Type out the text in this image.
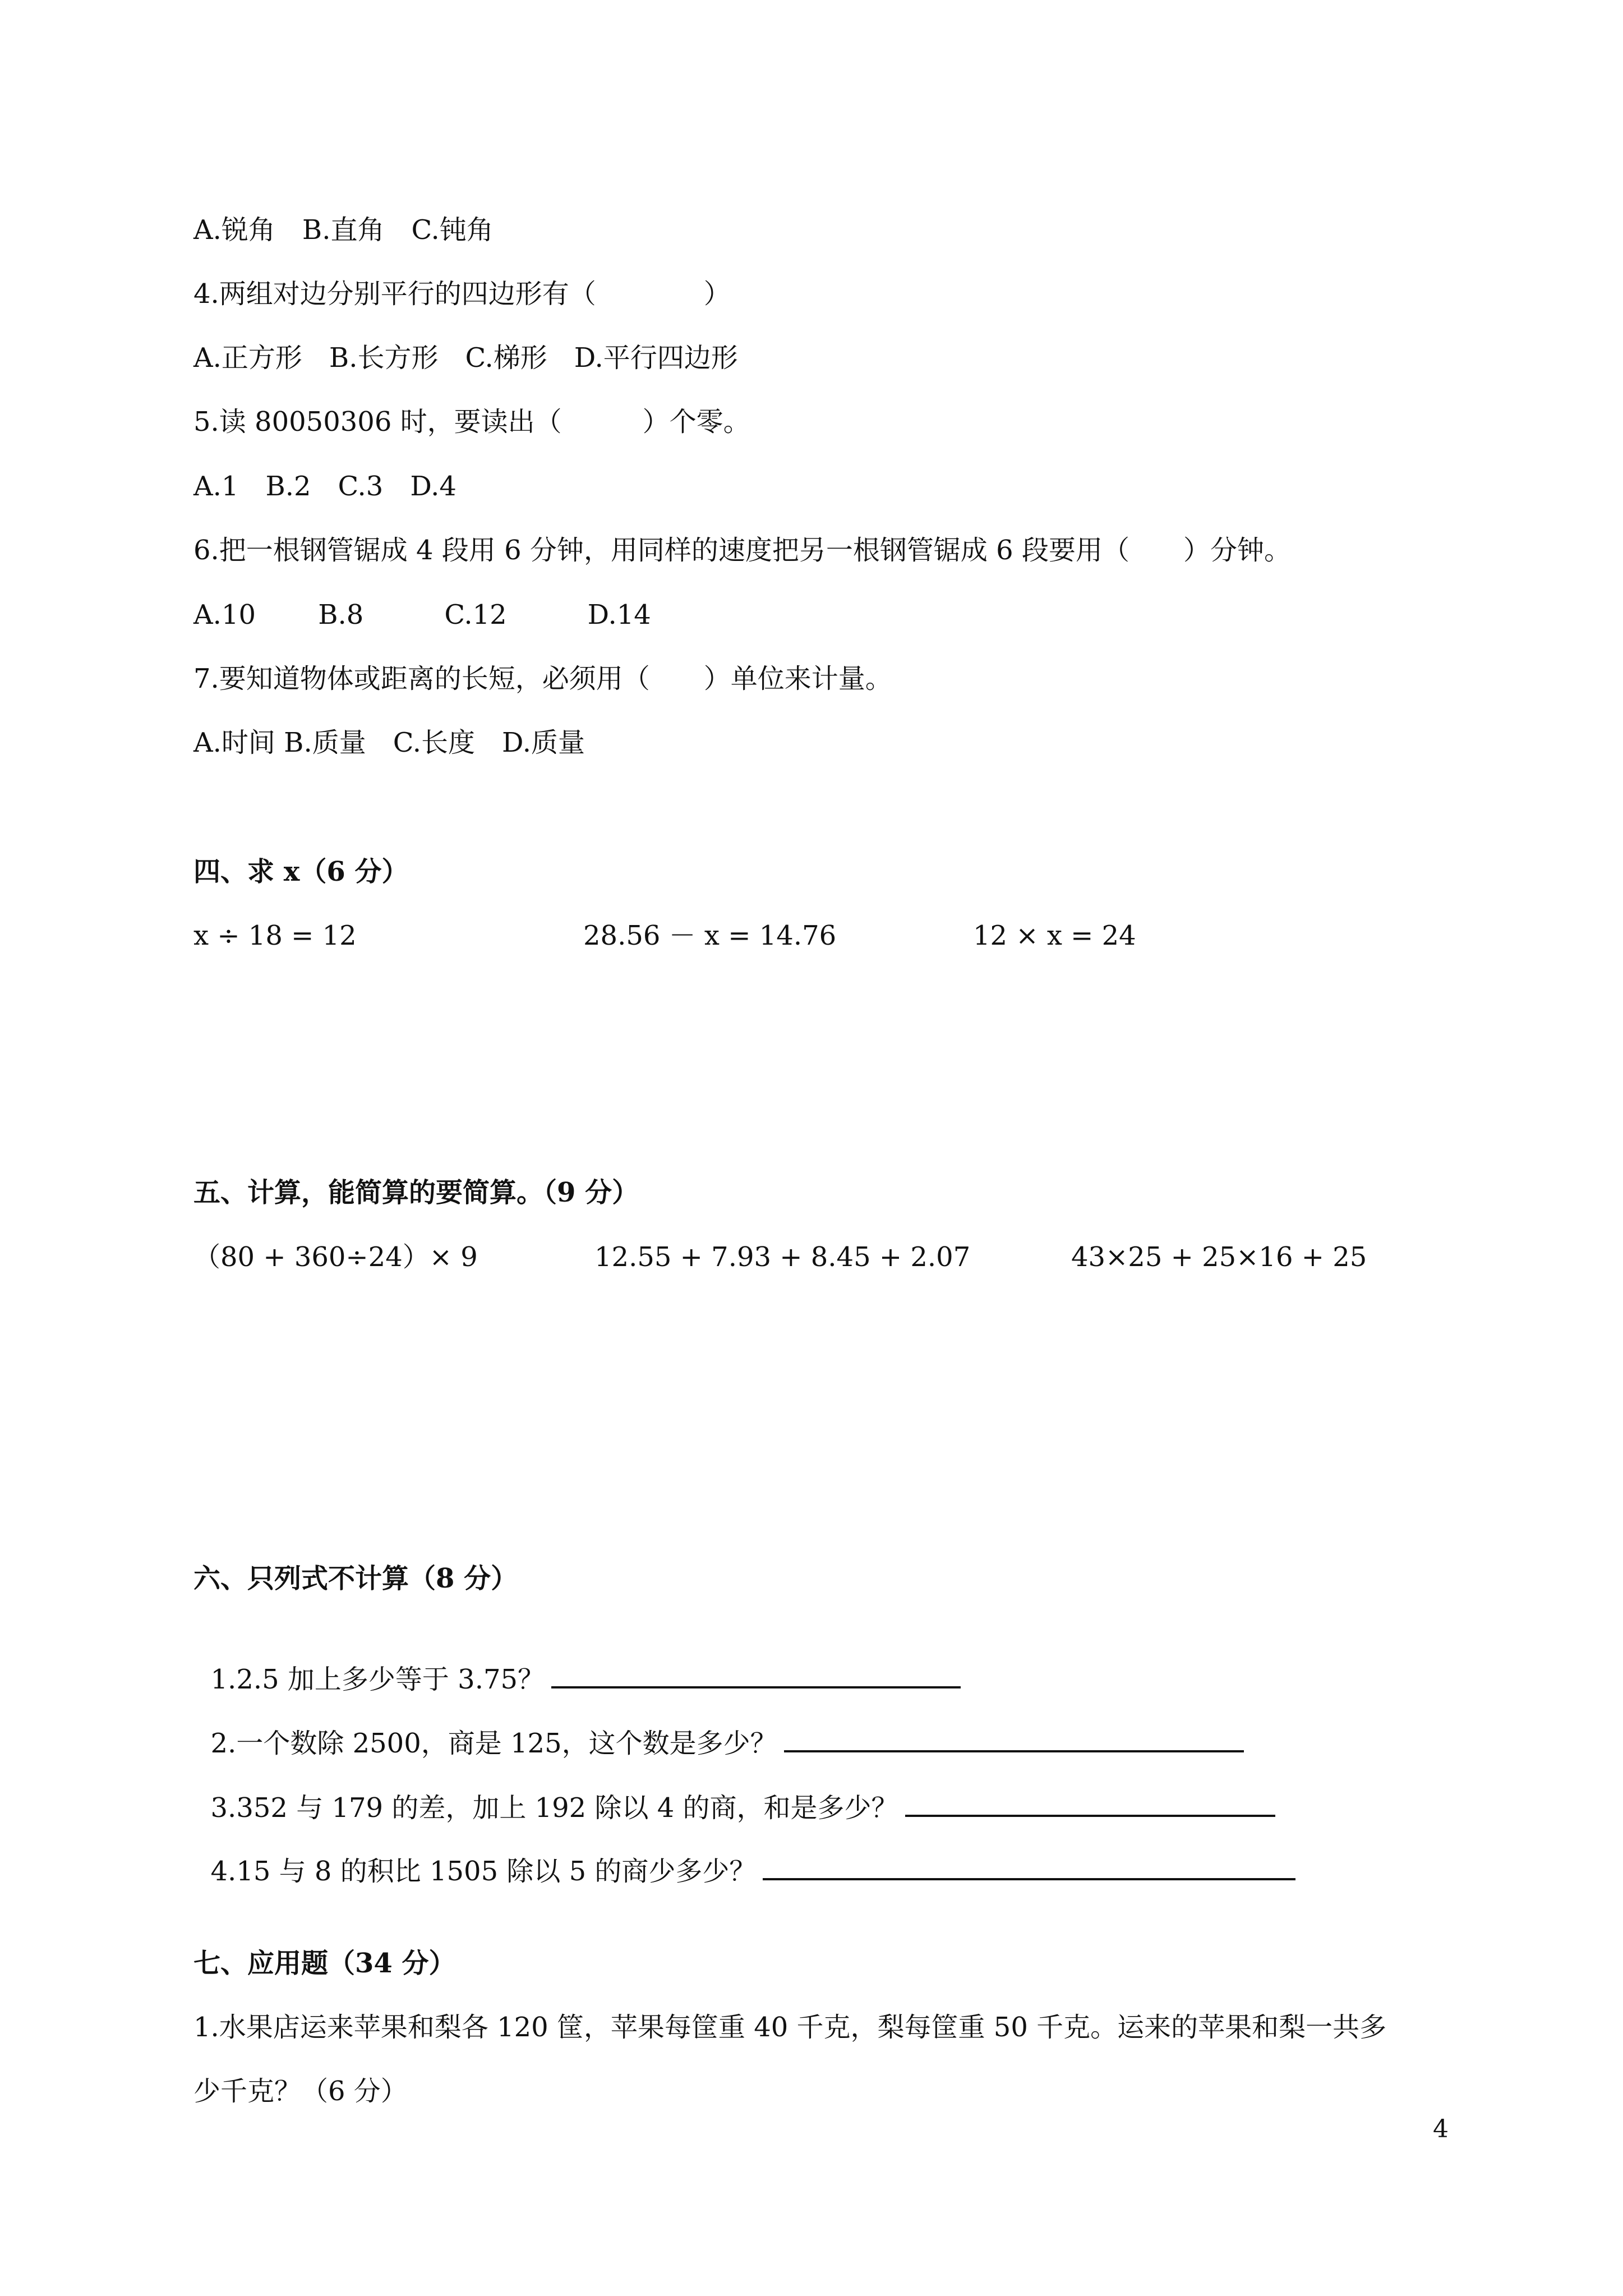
A.锐角　B.直角　C.钝角

4.两组对边分别平行的四边形有（　　　　）

A.正方形　B.长方形　C.梯形　D.平行四边形

5.读 80050306 时，要读出（　　　）个零。

A.1　B.2　C.3　D.4

6.把一根钢管锯成 4 段用 6 分钟，用同样的速度把另一根钢管锯成 6 段要用（　　）分钟。

A.10　　 B.8　　　C.12　　　D.14

7.要知道物体或距离的长短，必须用（　　）单位来计量。

A.时间 B.质量　C.长度　D.质量

四、求 x（6 分）

x ÷ 18 = 12	28.56 － x = 14.76	12 × x = 24

五、计算，能简算的要简算。（9 分）

（80 + 360÷24）× 9	12.55 + 7.93 + 8.45 + 2.07	43×25 + 25×16 + 25

六、只列式不计算（8 分）

1.2.5 加上多少等于 3.75？

2.一个数除 2500，商是 125，这个数是多少？

3.352 与 179 的差，加上 192 除以 4 的商，和是多少？

4.15 与 8 的积比 1505 除以 5 的商少多少？

七、应用题（34 分）

1.水果店运来苹果和梨各 120 筐，苹果每筐重 40 千克，梨每筐重 50 千克。运来的苹果和梨一共多

少千克？（6 分）

4
